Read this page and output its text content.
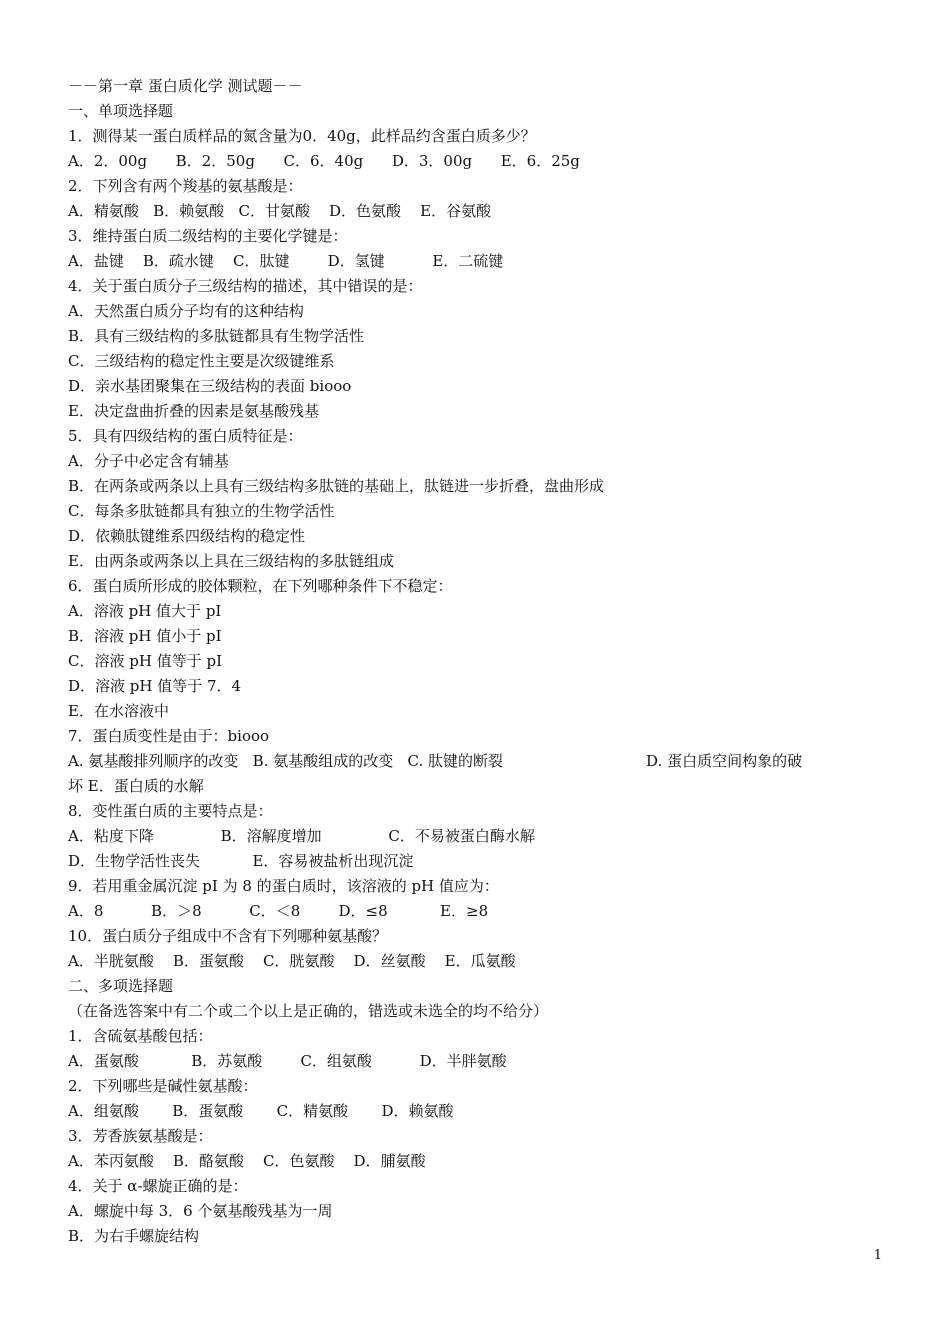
－－第一章 蛋白质化学 测试题－－
一、单项选择题
1．测得某一蛋白质样品的氮含量为0．40g，此样品约含蛋白质多少？
A．2．00g      B．2．50g      C．6．40g      D．3．00g      E．6．25g
2．下列含有两个羧基的氨基酸是：
A．精氨酸   B．赖氨酸   C．甘氨酸    D．色氨酸    E．谷氨酸
3．维持蛋白质二级结构的主要化学键是：
A．盐键    B．疏水键    C．肽键        D．氢键          E．二硫键
4．关于蛋白质分子三级结构的描述，其中错误的是：
A．天然蛋白质分子均有的这种结构
B．具有三级结构的多肽链都具有生物学活性
C．三级结构的稳定性主要是次级键维系
D．亲水基团聚集在三级结构的表面 biooo
E．决定盘曲折叠的因素是氨基酸残基
5．具有四级结构的蛋白质特征是：
A．分子中必定含有辅基
B．在两条或两条以上具有三级结构多肽链的基础上，肽链进一步折叠，盘曲形成
C．每条多肽链都具有独立的生物学活性
D．依赖肽键维系四级结构的稳定性
E．由两条或两条以上具在三级结构的多肽链组成
6．蛋白质所形成的胶体颗粒，在下列哪种条件下不稳定：
A．溶液 pH 值大于 pI
B．溶液 pH 值小于 pI
C．溶液 pH 值等于 pI
D．溶液 pH 值等于 7．4
E．在水溶液中
7．蛋白质变性是由于：biooo
A. 氨基酸排列顺序的改变   B. 氨基酸组成的改变   C. 肽键的断裂                              D. 蛋白质空间构象的破
坏 E．蛋白质的水解
8．变性蛋白质的主要特点是：
A．粘度下降              B．溶解度增加              C．不易被蛋白酶水解
D．生物学活性丧失           E．容易被盐析出现沉淀
9．若用重金属沉淀 pI 为 8 的蛋白质时，该溶液的 pH 值应为：
A．8          B．＞8          C．＜8        D．≤8           E．≥8
10．蛋白质分子组成中不含有下列哪种氨基酸？
A．半胱氨酸    B．蛋氨酸    C．胱氨酸    D．丝氨酸    E．瓜氨酸
二、多项选择题
（在备选答案中有二个或二个以上是正确的，错选或未选全的均不给分）
1．含硫氨基酸包括：
A．蛋氨酸           B．苏氨酸        C．组氨酸          D．半胖氨酸
2．下列哪些是碱性氨基酸：
A．组氨酸       B．蛋氨酸       C．精氨酸       D．赖氨酸
3．芳香族氨基酸是：
A．苯丙氨酸    B．酪氨酸    C．色氨酸    D．脯氨酸
4．关于 α-螺旋正确的是：
A．螺旋中每 3．6 个氨基酸残基为一周
B．为右手螺旋结构
1
